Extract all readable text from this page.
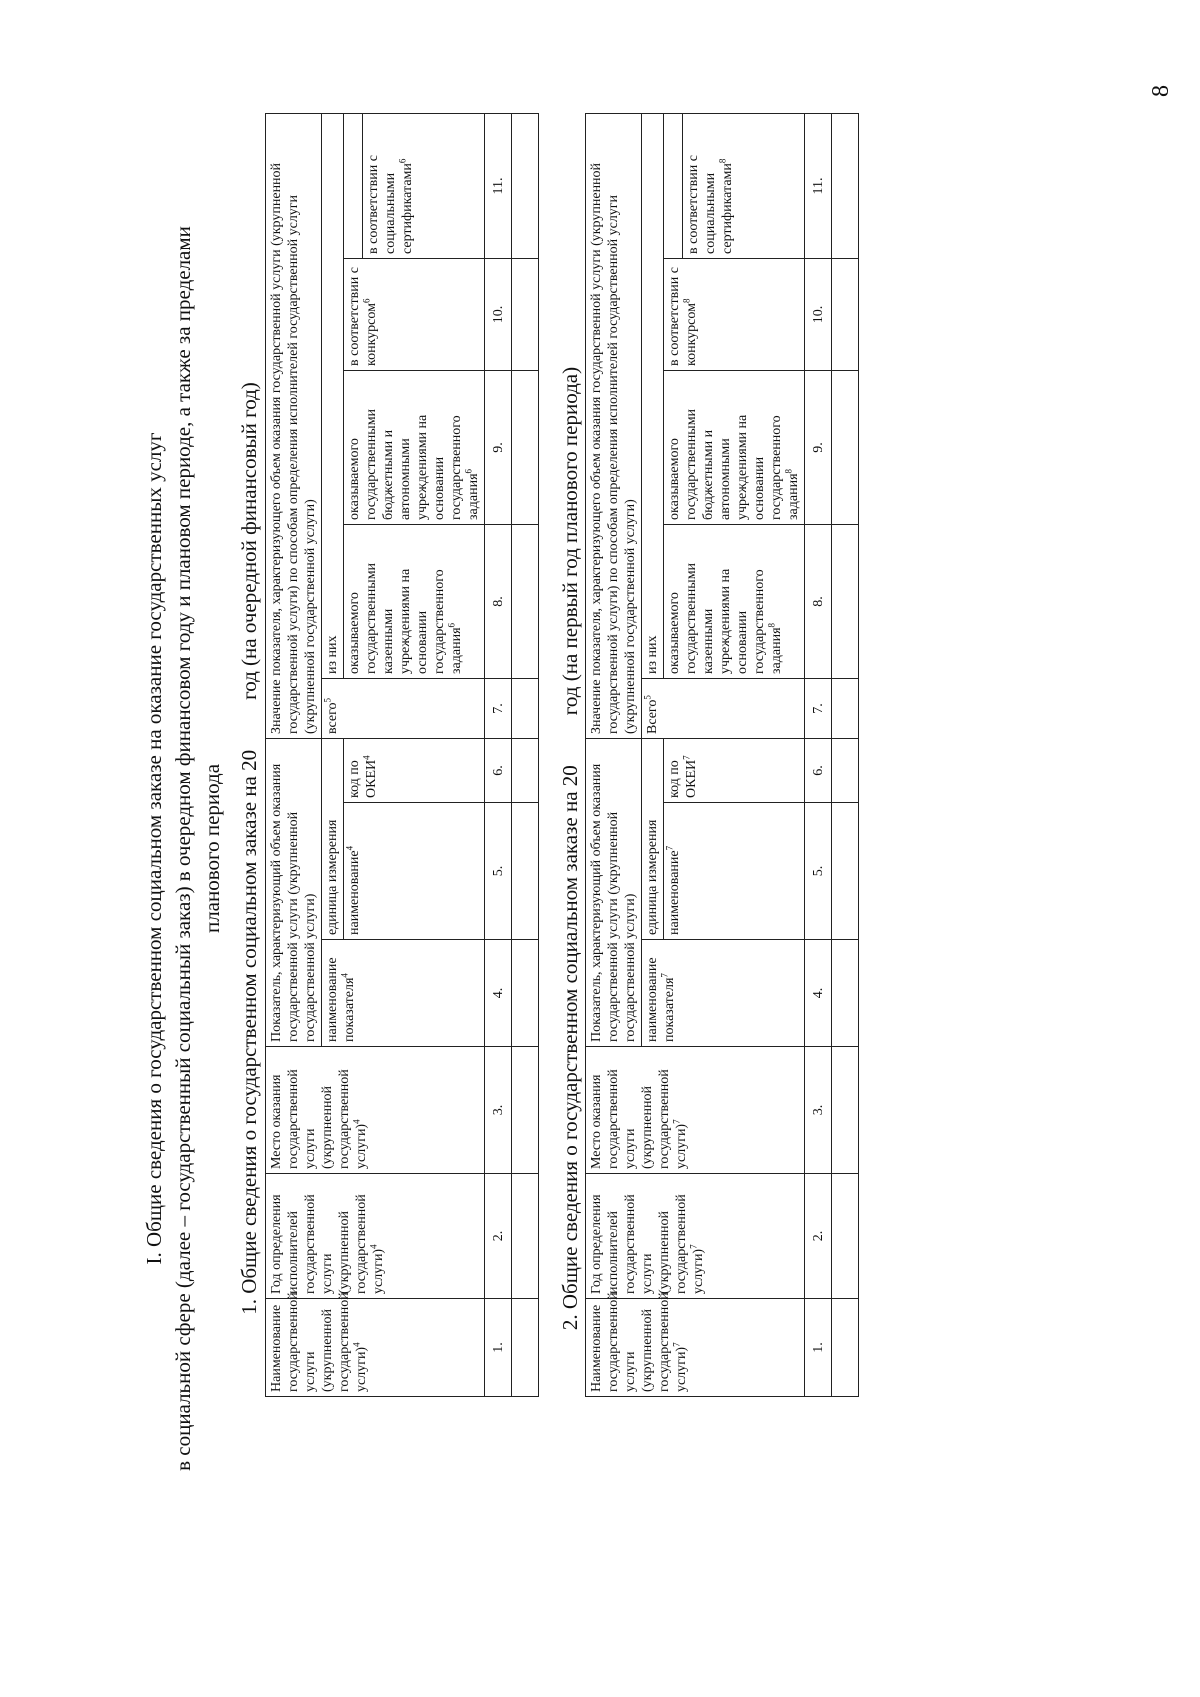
8
I. Общие сведения о государственном социальном заказе на оказание государственных услуг в социальной сфере (далее – государственный социальный заказ) в очередном финансовом году и плановом периоде, а также за пределами планового периода 1. Общие сведения о государственном социальном заказе на 20год (на очередной финансовый год)
Наименование государственной услуги (укрупненной государственной услуги)$^4$	Год определения исполнителей государственной услуги (укрупненной государственной услуги)$^4$	Место оказания государственной услуги (укрупненной государственной услуги)$^4$	Показатель, характеризующий объем оказания государственной услуги (укрупненной государственной услуги)			Значение показателя, характеризующего объем оказания государственной услуги (укрупненной государственной услуги) по способам определения исполнителей государственной услуги (укрупненной государственной услуги)				
			наименование показателя$^4$	единица измерения		всего$^5$	из них			
				наименование$^4$	код по ОКЕИ$^4$		оказываемого государственными казенными учреждениями на основании государственного задания$^6$	оказываемого государственными бюджетными и автономными учреждениями на основании государственного задания$^6$	в соответствии с конкурсом$^6$	
										в соответствии с социальными сертификатами$^6$
1.	2.	3.	4.	5.	6.	7.	8.	9.	10.	11.

2. Общие сведения о государственном социальном заказе на 20год (на первый год планового периода)
Наименование государственной услуги (укрупненной государственной услуги)$^7$	Год определения исполнителей государственной услуги (укрупненной государственной услуги)$^7$	Место оказания государственной услуги (укрупненной государственной услуги)$^7$	Показатель, характеризующий объем оказания государственной услуги (укрупненной государственной услуги)			Значение показателя, характеризующего объем оказания государственной услуги (укрупненной государственной услуги) по способам определения исполнителей государственной услуги (укрупненной государственной услуги)				
			наименование показателя$^7$	единица измерения		Всего$^5$	из них			
				наименование$^7$	код по ОКЕИ$^7$		оказываемого государственными казенными учреждениями на основании государственного задания$^8$	оказываемого государственными бюджетными и автономными учреждениями на основании государственного задания$^8$	в соответствии с конкурсом$^8$	
										в соответствии с социальными сертификатами$^8$
1.	2.	3.	4.	5.	6.	7.	8.	9.	10.	11.
